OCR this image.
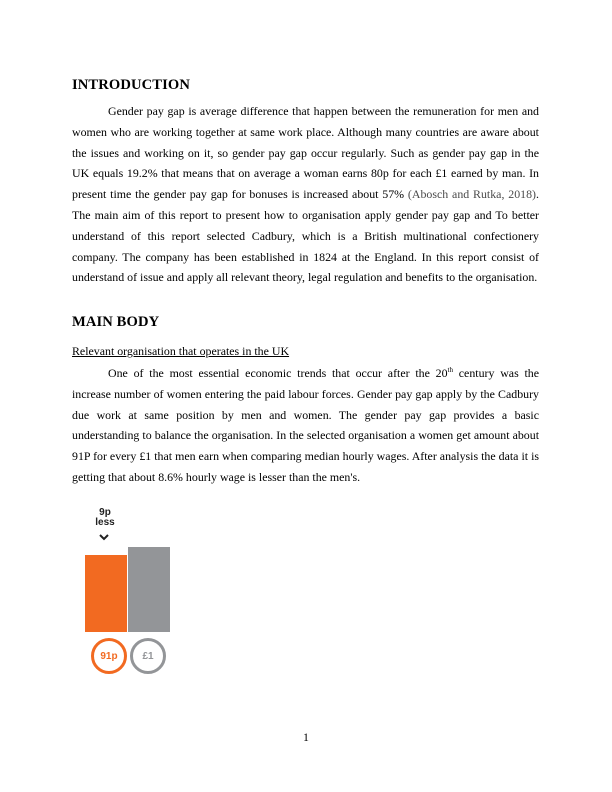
INTRODUCTION

Gender pay gap is average difference that happen between the remuneration for men and women who are working together at same work place. Although many countries are aware about the issues and working on it, so gender pay gap occur regularly. Such as gender pay gap in the UK equals 19.2% that means that on average a woman earns 80p for each £1 earned by man. In present time the gender pay gap for bonuses is increased about 57% (Abosch and Rutka, 2018). The main aim of this report to present how to organisation apply gender pay gap and To better understand of this report selected Cadbury, which is a British multinational confectionery company. The company has been established in 1824 at the England. In this report consist of understand of issue and apply all relevant theory, legal regulation and benefits to the organisation.

MAIN BODY

Relevant organisation that operates in the UK

One of the most essential economic trends that occur after the 20th century was the increase number of women entering the paid labour forces. Gender pay gap apply by the Cadbury due work at same position by men and women. The gender pay gap provides a basic understanding to balance the organisation. In the selected organisation a women get amount about 91P for every £1 that men earn when comparing median hourly wages. After analysis the data it is getting that about 8.6% hourly wage is lesser than the men's.

9p
less
91p	£1
1
